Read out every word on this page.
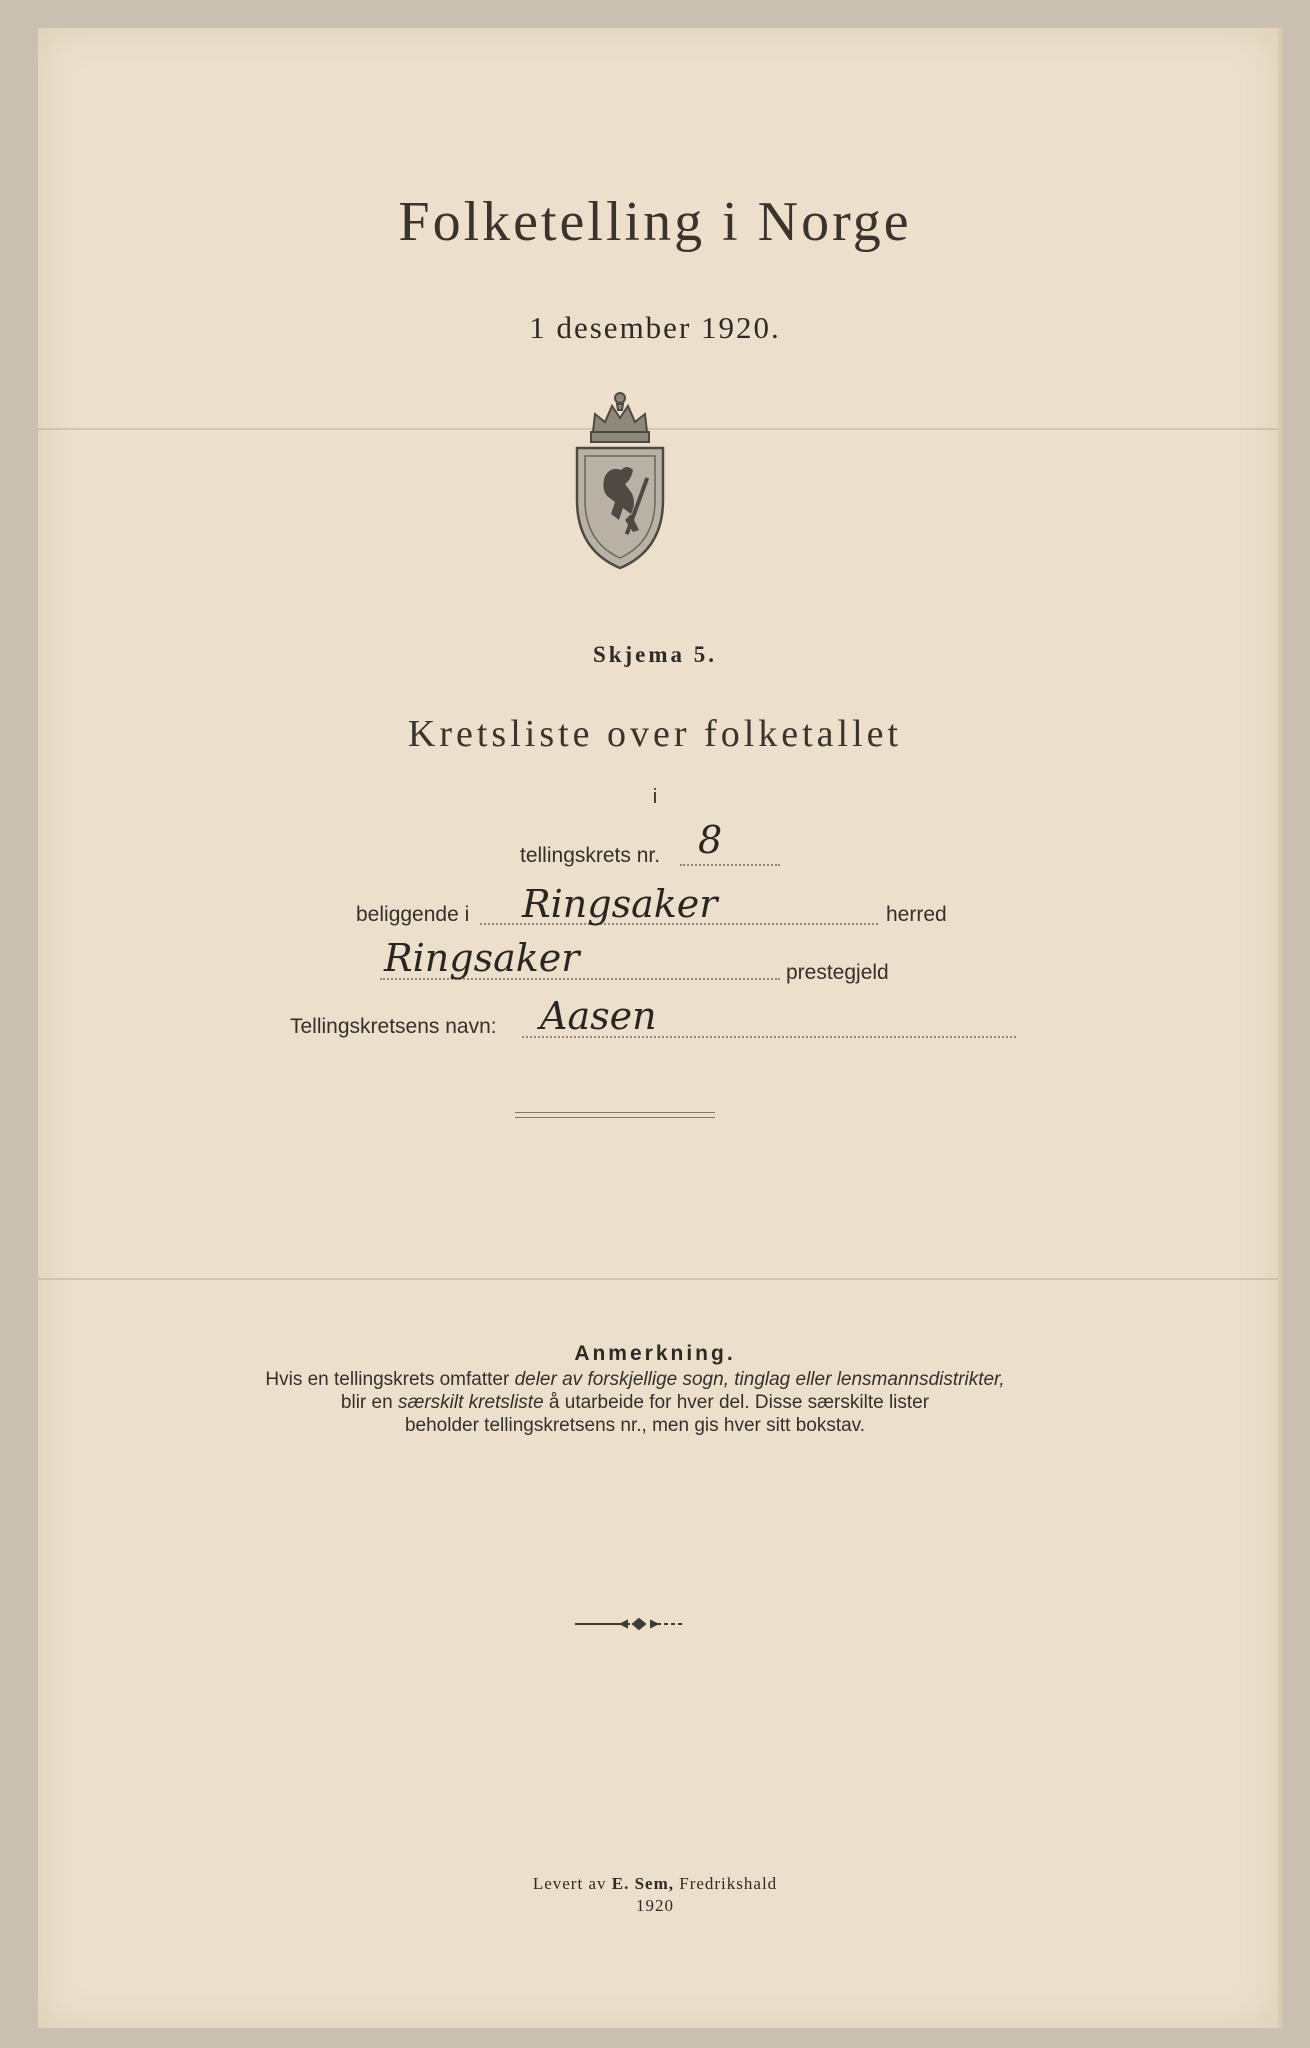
Folketelling i Norge
1 desember 1920.
Skjema 5.
Kretsliste over folketallet
i
tellingskrets nr. 8
beliggende i Ringsaker	herred
Ringsaker	prestegjeld
Tellingskretsens navn: Aasen
Anmerkning.

Hvis en tellingskrets omfatter deler av forskjellige sogn, tinglag eller lensmannsdistrikter,

blir en særskilt kretsliste å utarbeide for hver del. Disse særskilte lister

beholder tellingskretsens nr., men gis hver sitt bokstav.

Levert av E. Sem, Fredrikshald
1920
